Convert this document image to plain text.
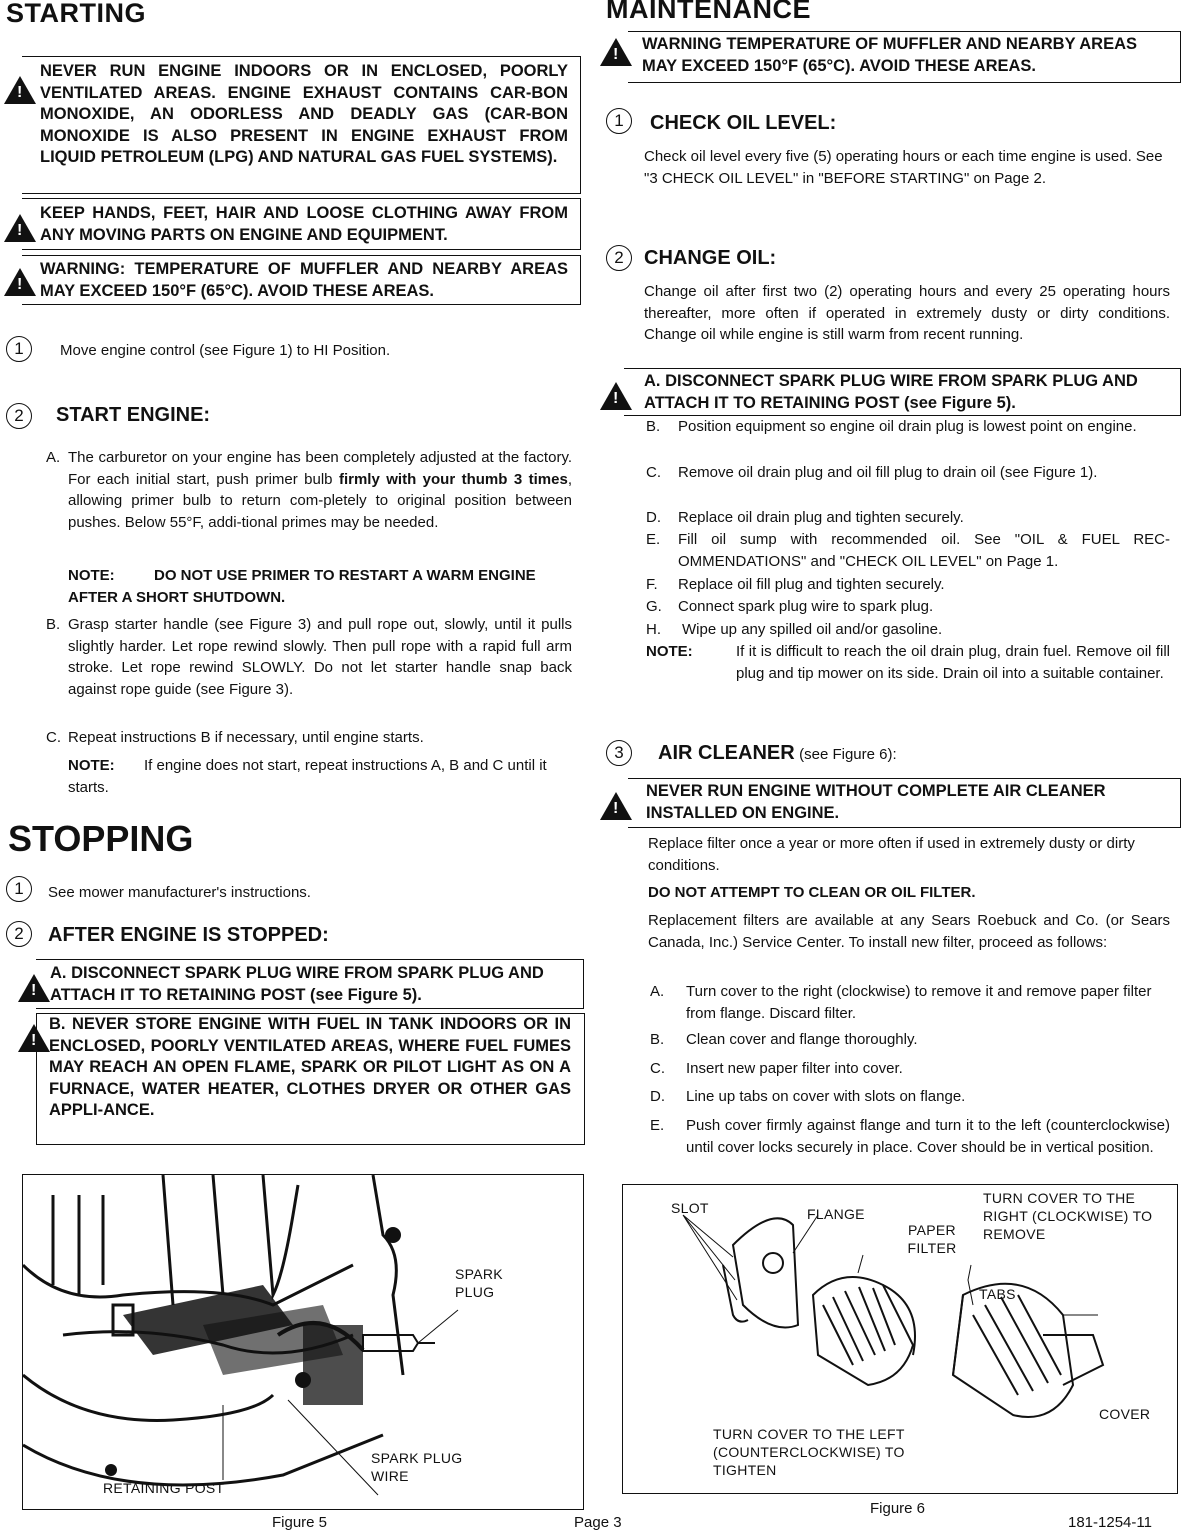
STARTING
!
NEVER RUN ENGINE INDOORS OR IN ENCLOSED, POORLY VENTILATED AREAS. ENGINE EXHAUST CONTAINS CAR-BON MONOXIDE, AN ODORLESS AND DEADLY GAS (CAR-BON MONOXIDE IS ALSO PRESENT IN ENGINE EXHAUST FROM LIQUID PETROLEUM (LPG) AND NATURAL GAS FUEL SYSTEMS).
!
KEEP HANDS, FEET, HAIR AND LOOSE CLOTHING AWAY FROM ANY MOVING PARTS ON ENGINE AND EQUIPMENT.
!
WARNING: TEMPERATURE OF MUFFLER AND NEARBY AREAS MAY EXCEED 150°F (65°C). AVOID THESE AREAS.
1	Move engine control (see Figure 1) to HI Position.
2	START ENGINE:
A. The carburetor on your engine has been completely adjusted at the factory. For each initial start, push primer bulb firmly with your thumb 3 times, allowing primer bulb to return com-pletely to original position between pushes. Below 55°F, addi-tional primes may be needed.
NOTE:	DO NOT USE PRIMER TO RESTART A WARM ENGINE AFTER A SHORT SHUTDOWN.
B. Grasp starter handle (see Figure 3) and pull rope out, slowly, until it pulls slightly harder. Let rope rewind slowly. Then pull rope with a rapid full arm stroke. Let rope rewind SLOWLY. Do not let starter handle snap back against rope guide (see Figure 3).
C. Repeat instructions B if necessary, until engine starts.
NOTE:	If engine does not start, repeat instructions A, B and C until it starts.
STOPPING
1	See mower manufacturer's instructions.
2	AFTER ENGINE IS STOPPED:
!
A. DISCONNECT SPARK PLUG WIRE FROM SPARK PLUG AND ATTACH IT TO RETAINING POST (see Figure 5).
!
B. NEVER STORE ENGINE WITH FUEL IN TANK INDOORS OR IN ENCLOSED, POORLY VENTILATED AREAS, WHERE FUEL FUMES MAY REACH AN OPEN FLAME, SPARK OR PILOT LIGHT AS ON A FURNACE, WATER HEATER, CLOTHES DRYER OR OTHER GAS APPLI-ANCE.
SPARK PLUG
SPARK PLUG WIRE
RETAINING POST
Figure 5
MAINTENANCE
!
WARNING TEMPERATURE OF MUFFLER AND NEARBY AREAS MAY EXCEED 150°F (65°C). AVOID THESE AREAS.
1	CHECK OIL LEVEL:
Check oil level every five (5) operating hours or each time engine is used. See "3 CHECK OIL LEVEL" in "BEFORE STARTING" on Page 2.
2	CHANGE OIL:
Change oil after first two (2) operating hours and every 25 operating hours thereafter, more often if operated in extremely dusty or dirty conditions. Change oil while engine is still warm from recent running.
!
A. DISCONNECT SPARK PLUG WIRE FROM SPARK PLUG AND ATTACH IT TO RETAINING POST (see Figure 5).
B. Position equipment so engine oil drain plug is lowest point on engine.
C. Remove oil drain plug and oil fill plug to drain oil (see Figure 1).
D. Replace oil drain plug and tighten securely.
E. Fill oil sump with recommended oil. See "OIL & FUEL REC-OMMENDATIONS" and "CHECK OIL LEVEL" on Page 1.
F. Replace oil fill plug and tighten securely.
G. Connect spark plug wire to spark plug.
H. Wipe up any spilled oil and/or gasoline.
NOTE:	If it is difficult to reach the oil drain plug, drain fuel. Remove oil fill plug and tip mower on its side. Drain oil into a suitable container.
3	AIR CLEANER (see Figure 6):
!
NEVER RUN ENGINE WITHOUT COMPLETE AIR CLEANER INSTALLED ON ENGINE.
Replace filter once a year or more often if used in extremely dusty or dirty conditions.
DO NOT ATTEMPT TO CLEAN OR OIL FILTER.
Replacement filters are available at any Sears Roebuck and Co. (or Sears Canada, Inc.) Service Center. To install new filter, proceed as follows:
A. Turn cover to the right (clockwise) to remove it and remove paper filter from flange. Discard filter.
B. Clean cover and flange thoroughly.
C. Insert new paper filter into cover.
D. Line up tabs on cover with slots on flange.
E. Push cover firmly against flange and turn it to the left (counterclockwise) until cover locks securely in place. Cover should be in vertical position.
SLOT	FLANGE
PAPER FILTER
TURN COVER TO THE RIGHT (CLOCKWISE) TO REMOVE
TABS
COVER
TURN COVER TO THE LEFT (COUNTERCLOCKWISE) TO TIGHTEN
Figure 6
Page 3	181-1254-11
